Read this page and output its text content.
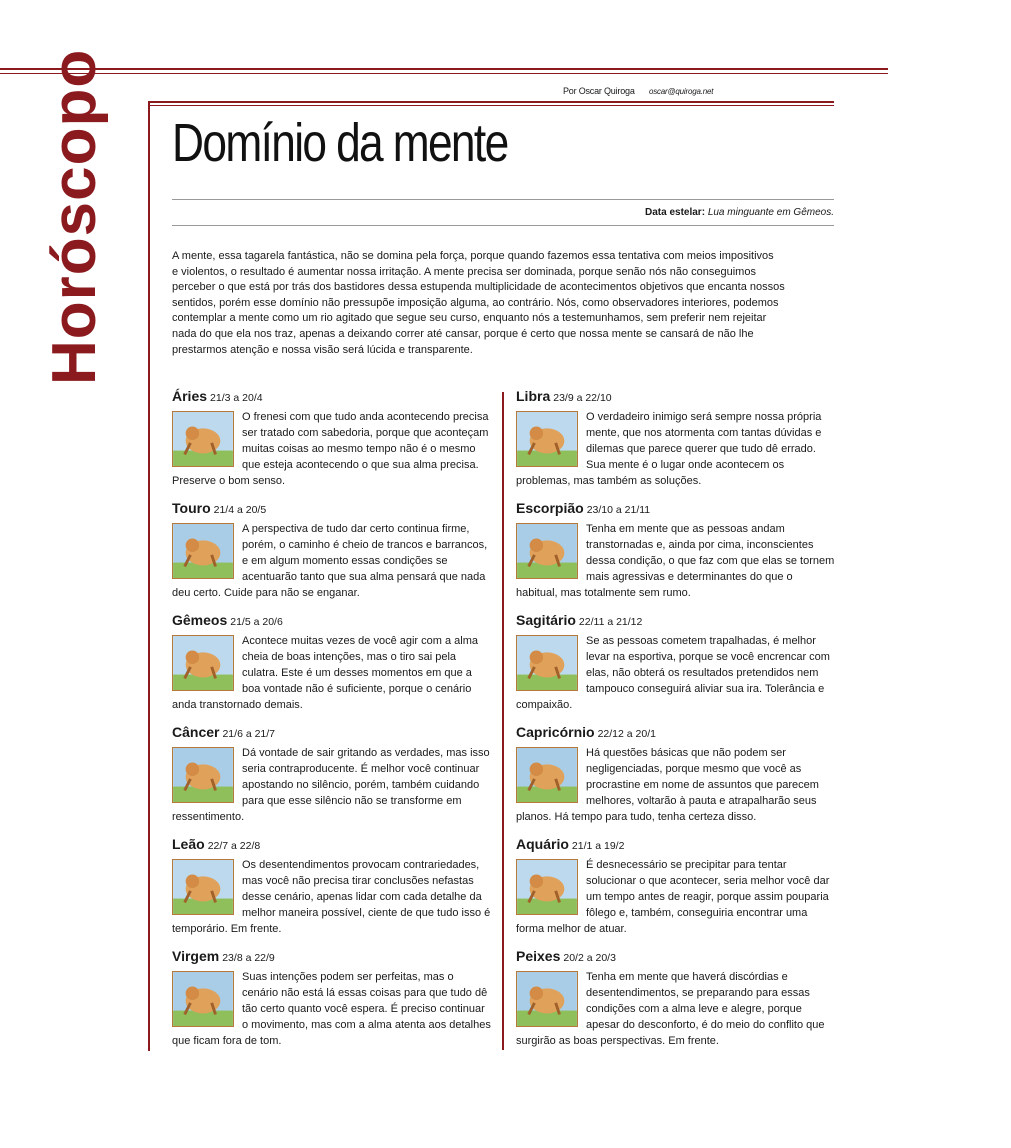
Por Oscar Quiroga oscar@quiroga.net
Horóscopo Domínio da mente
Data estelar: Lua minguante em Gêmeos.

A mente, essa tagarela fantástica, não se domina pela força, porque quando fazemos essa tentativa com meios impositivos

e violentos, o resultado é aumentar nossa irritação. A mente precisa ser dominada, porque senão nós não conseguimos

perceber o que está por trás dos bastidores dessa estupenda multiplicidade de acontecimentos objetivos que encanta nossos

sentidos, porém esse domínio não pressupõe imposição alguma, ao contrário. Nós, como observadores interiores, podemos

contemplar a mente como um rio agitado que segue seu curso, enquanto nós a testemunhamos, sem preferir nem rejeitar

nada do que ela nos traz, apenas a deixando correr até cansar, porque é certo que nossa mente se cansará de não lhe

prestarmos atenção e nossa visão será lúcida e transparente.

Áries 21/3 a 20/4
O frenesi com que tudo anda acontecendo precisa ser tratado com sabedoria, porque que aconteçam muitas coisas ao mesmo tempo não é o mesmo que esteja acontecendo o que sua alma precisa. Preserve o bom senso.
Touro 21/4 a 20/5
A perspectiva de tudo dar certo continua firme, porém, o caminho é cheio de trancos e barrancos, e em algum momento essas condições se acentuarão tanto que sua alma pensará que nada deu certo. Cuide para não se enganar.
Gêmeos 21/5 a 20/6
Acontece muitas vezes de você agir com a alma cheia de boas intenções, mas o tiro sai pela culatra. Este é um desses momentos em que a boa vontade não é suficiente, porque o cenário anda transtornado demais.
Câncer 21/6 a 21/7
Dá vontade de sair gritando as verdades, mas isso seria contraproducente. É melhor você continuar apostando no silêncio, porém, também cuidando para que esse silêncio não se transforme em ressentimento.
Leão 22/7 a 22/8
Os desentendimentos provocam contrariedades, mas você não precisa tirar conclusões nefastas desse cenário, apenas lidar com cada detalhe da melhor maneira possível, ciente de que tudo isso é temporário. Em frente.
Virgem 23/8 a 22/9
Suas intenções podem ser perfeitas, mas o cenário não está lá essas coisas para que tudo dê tão certo quanto você espera. É preciso continuar o movimento, mas com a alma atenta aos detalhes que ficam fora de tom.
Libra 23/9 a 22/10
O verdadeiro inimigo será sempre nossa própria mente, que nos atormenta com tantas dúvidas e dilemas que parece querer que tudo dê errado. Sua mente é o lugar onde acontecem os problemas, mas também as soluções.
Escorpião 23/10 a 21/11
Tenha em mente que as pessoas andam transtornadas e, ainda por cima, inconscientes dessa condição, o que faz com que elas se tornem mais agressivas e determinantes do que o habitual, mas totalmente sem rumo.
Sagitário 22/11 a 21/12
Se as pessoas cometem trapalhadas, é melhor levar na esportiva, porque se você encrencar com elas, não obterá os resultados pretendidos nem tampouco conseguirá aliviar sua ira. Tolerância e compaixão.
Capricórnio 22/12 a 20/1
Há questões básicas que não podem ser negligenciadas, porque mesmo que você as procrastine em nome de assuntos que parecem melhores, voltarão à pauta e atrapalharão seus planos. Há tempo para tudo, tenha certeza disso.
Aquário 21/1 a 19/2
É desnecessário se precipitar para tentar solucionar o que acontecer, seria melhor você dar um tempo antes de reagir, porque assim pouparia fôlego e, também, conseguiria encontrar uma forma melhor de atuar.
Peixes 20/2 a 20/3
Tenha em mente que haverá discórdias e desentendimentos, se preparando para essas condições com a alma leve e alegre, porque apesar do desconforto, é do meio do conflito que surgirão as boas perspectivas. Em frente.
